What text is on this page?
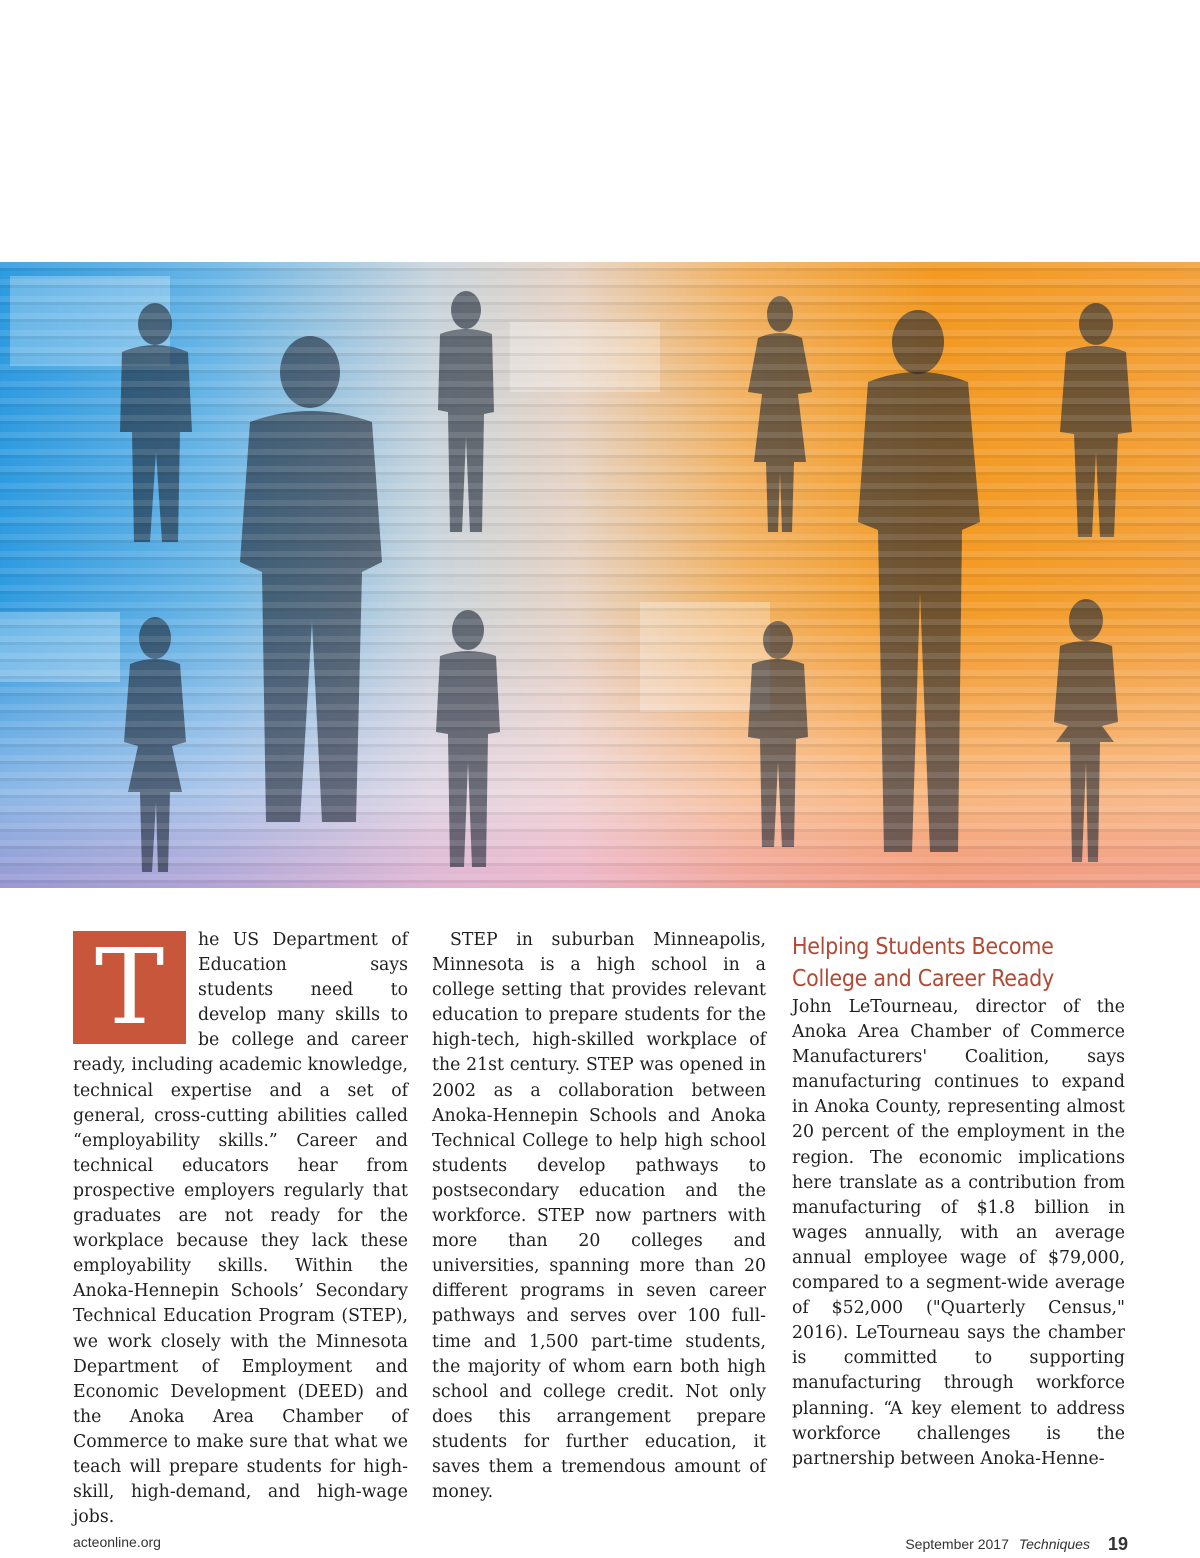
T	he US Department of Education says students need to develop many skills to be college and career ready, including academic knowledge, technical expertise and a set of general, cross-cutting abilities called “employability skills.” Career and technical educators hear from prospective employers regularly that graduates are not ready for the workplace because they lack these employability skills. Within the Anoka-Hennepin Schools’ Secondary Technical Education Program (STEP), we work closely with the Minnesota Department of Employment and Economic Development (DEED) and the Anoka Area Chamber of Commerce to make sure that what we teach will prepare students for high-skill, high-demand, and high-wage jobs.

STEP in suburban Minneapolis, Minnesota is a high school in a college setting that provides relevant education to prepare students for the high-tech, high-skilled workplace of the 21st century. STEP was opened in 2002 as a collaboration between Anoka-Hennepin Schools and Anoka Technical College to help high school students develop pathways to postsecondary education and the workforce. STEP now partners with more than 20 colleges and universities, spanning more than 20 different programs in seven career pathways and serves over 100 full-time and 1,500 part-time students, the majority of whom earn both high school and college credit. Not only does this arrangement prepare students for further education, it saves them a tremendous amount of money.

Helping Students Become College and Career Ready

John LeTourneau, director of the Anoka Area Chamber of Commerce Manufacturers' Coalition, says manufacturing continues to expand in Anoka County, representing almost 20 percent of the employment in the region. The economic implications here translate as a contribution from manufacturing of $1.8 billion in wages annually, with an average annual employee wage of $79,000, compared to a segment-wide average of $52,000 ("Quarterly Census," 2016). LeTourneau says the chamber is committed to supporting manufacturing through workforce planning. “A key element to address workforce challenges is the partnership between Anoka-Henne-

acteonline.org	September 2017 Techniques 19
